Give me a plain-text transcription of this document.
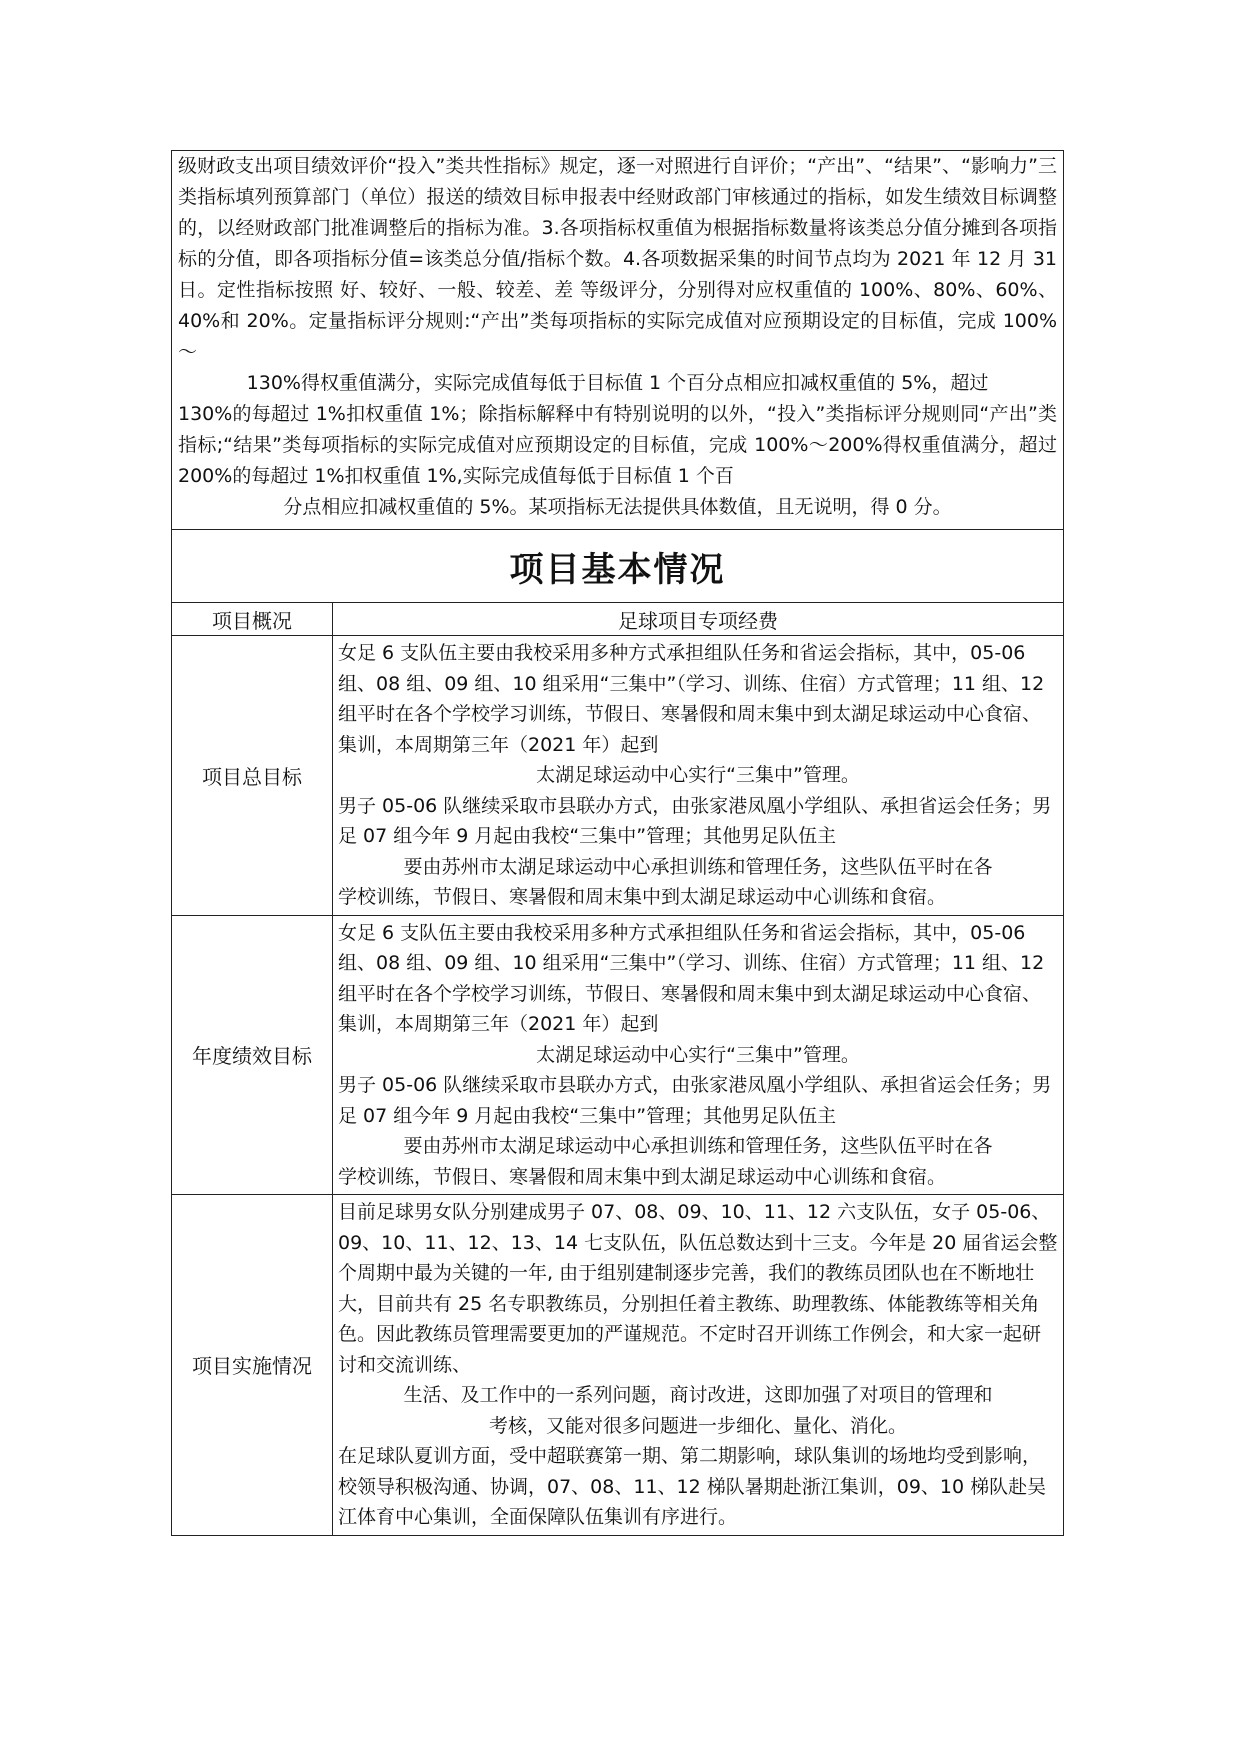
级财政支出项目绩效评价“投入”类共性指标》规定，逐一对照进行自评价；“产出”、“结果”、“影响力”三类指标填列预算部门（单位）报送的绩效目标申报表中经财政部门审核通过的指标，如发生绩效目标调整的，以经财政部门批准调整后的指标为准。3.各项指标权重值为根据指标数量将该类总分值分摊到各项指标的分值，即各项指标分值=该类总分值/指标个数。4.各项数据采集的时间节点均为 2021 年 12 月 31 日。定性指标按照 好、较好、一般、较差、差 等级评分，分别得对应权重值的 100%、80%、60%、40%和 20%。定量指标评分规则:“产出”类每项指标的实际完成值对应预期设定的目标值，完成 100%～

130%得权重值满分，实际完成值每低于目标值 1 个百分点相应扣减权重值的 5%，超过

130%的每超过 1%扣权重值 1%；除指标解释中有特别说明的以外，“投入”类指标评分规则同“产出”类指标;“结果”类每项指标的实际完成值对应预期设定的目标值，完成 100%～200%得权重值满分，超过 200%的每超过 1%扣权重值 1%,实际完成值每低于目标值 1 个百

分点相应扣减权重值的 5%。某项指标无法提供具体数值，且无说明，得 0 分。	

项目基本情况	
项目概况	足球项目专项经费
项目总目标	女足 6 支队伍主要由我校采用多种方式承担组队任务和省运会指标，其中，05-06 组、08 组、09 组、10 组采用“三集中”（学习、训练、住宿）方式管理；11 组、12 组平时在各个学校学习训练，节假日、寒暑假和周末集中到太湖足球运动中心食宿、集训，本周期第三年（2021 年）起到

太湖足球运动中心实行“三集中”管理。

男子 05-06 队继续采取市县联办方式，由张家港凤凰小学组队、承担省运会任务；男足 07 组今年 9 月起由我校“三集中”管理；其他男足队伍主

要由苏州市太湖足球运动中心承担训练和管理任务，这些队伍平时在各

学校训练，节假日、寒暑假和周末集中到太湖足球运动中心训练和食宿。

年度绩效目标	女足 6 支队伍主要由我校采用多种方式承担组队任务和省运会指标，其中，05-06 组、08 组、09 组、10 组采用“三集中”（学习、训练、住宿）方式管理；11 组、12 组平时在各个学校学习训练，节假日、寒暑假和周末集中到太湖足球运动中心食宿、集训，本周期第三年（2021 年）起到

太湖足球运动中心实行“三集中”管理。

男子 05-06 队继续采取市县联办方式，由张家港凤凰小学组队、承担省运会任务；男足 07 组今年 9 月起由我校“三集中”管理；其他男足队伍主

要由苏州市太湖足球运动中心承担训练和管理任务，这些队伍平时在各

学校训练，节假日、寒暑假和周末集中到太湖足球运动中心训练和食宿。

项目实施情况	目前足球男女队分别建成男子 07、08、09、10、11、12 六支队伍，女子 05-06、09、10、11、12、13、14 七支队伍，队伍总数达到十三支。今年是 20 届省运会整个周期中最为关键的一年, 由于组别建制逐步完善，我们的教练员团队也在不断地壮大，目前共有 25 名专职教练员，分别担任着主教练、助理教练、体能教练等相关角色。因此教练员管理需要更加的严谨规范。不定时召开训练工作例会，和大家一起研讨和交流训练、

生活、及工作中的一系列问题，商讨改进，这即加强了对项目的管理和

考核，又能对很多问题进一步细化、量化、消化。

在足球队夏训方面，受中超联赛第一期、第二期影响，球队集训的场地均受到影响，校领导积极沟通、协调，07、08、11、12 梯队暑期赴浙江集训，09、10 梯队赴吴江体育中心集训，全面保障队伍集训有序进行。
